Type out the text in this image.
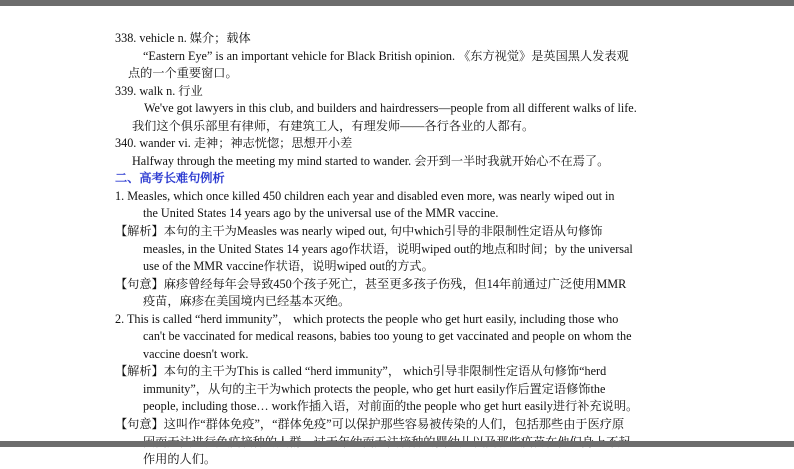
338. vehicle n. 媒介；载体
“Eastern Eye” is an important vehicle for Black British opinion. 《东方视觉》是英国黑人发表观
点的一个重要窗口。
339. walk n. 行业
We've got lawyers in this club, and builders and hairdressers—people from all different walks of life.
我们这个俱乐部里有律师，有建筑工人，有理发师——各行各业的人都有。
340. wander vi. 走神；神志恍惚；思想开小差
Halfway through the meeting my mind started to wander. 会开到一半时我就开始心不在焉了。
二、高考长难句例析
1. Measles, which once killed 450 children each year and disabled even more, was nearly wiped out in
the United States 14 years ago by the universal use of the MMR vaccine.
【解析】本句的主干为Measles was nearly wiped out, 句中which引导的非限制性定语从句修饰
measles, in the United States 14 years ago作状语，说明wiped out的地点和时间；by the universal
use of the MMR vaccine作状语，说明wiped out的方式。
【句意】麻疹曾经每年会导致450个孩子死亡，甚至更多孩子伤残，但14年前通过广泛使用MMR
疫苗，麻疹在美国境内已经基本灭绝。
2. This is called “herd immunity”， which protects the people who get hurt easily, including those who
can't be vaccinated for medical reasons, babies too young to get vaccinated and people on whom the
vaccine doesn't work.
【解析】本句的主干为This is called “herd immunity”， which引导非限制性定语从句修饰“herd
immunity”，从句的主干为which protects the people, who get hurt easily作后置定语修饰the
people, including those… work作插入语，对前面的the people who get hurt easily进行补充说明。
【句意】这叫作“群体免疫”，“群体免疫”可以保护那些容易被传染的人们，包括那些由于医疗原
作用的人们。
